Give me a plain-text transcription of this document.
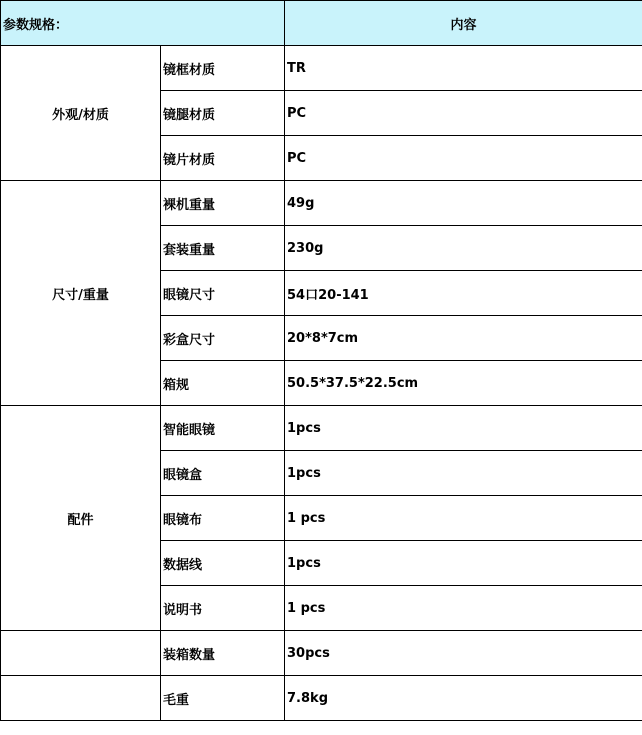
参数规格：		内容
外观/材质	镜框材质	TR
	镜腿材质	PC
	镜片材质	PC
尺寸/重量	裸机重量	49g
	套装重量	230g
	眼镜尺寸	54口20-141
	彩盒尺寸	20*8*7cm
	箱规	50.5*37.5*22.5cm
配件	智能眼镜	1pcs
	眼镜盒	1pcs
	眼镜布	1 pcs
	数据线	1pcs
	说明书	1 pcs
	装箱数量	30pcs
	毛重	7.8kg
